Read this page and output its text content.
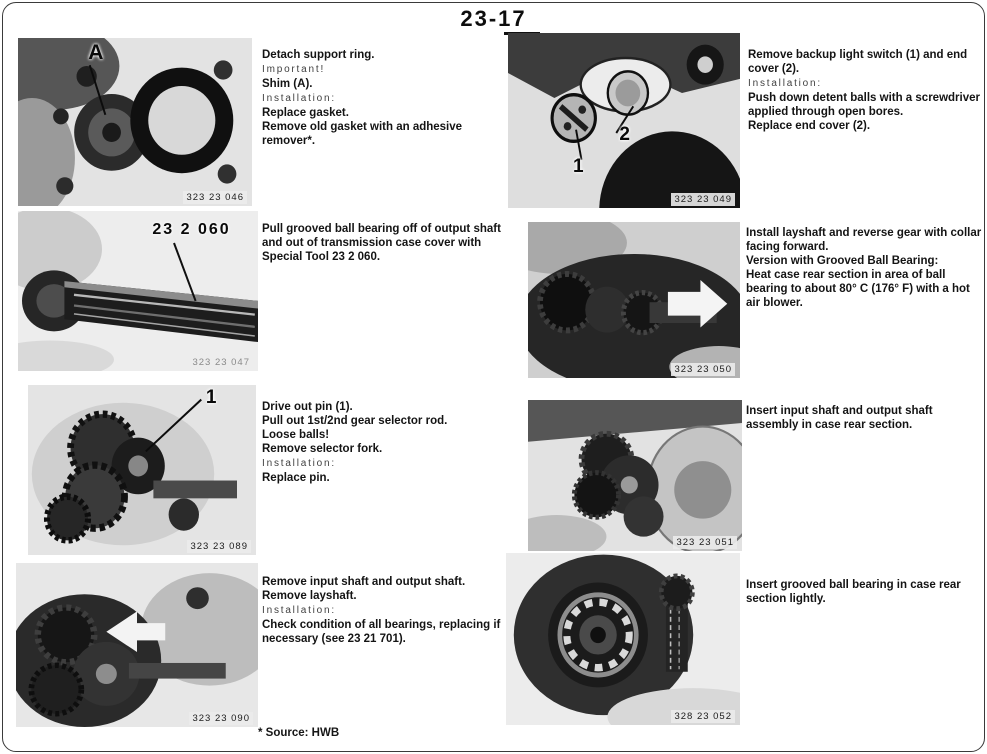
23-17
A
323 23 046
Detach support ring.
Important!
Shim (A).
Installation:
Replace gasket.
Remove old gasket with an adhesive remover*.
1
2
323 23 049
Remove backup light switch (1) and end cover (2).
Installation:
Push down detent balls with a screwdriver applied through open bores.
Replace end cover (2).
23 2 060
323 23 047
Pull grooved ball bearing off of output shaft and out of transmission case cover with Special Tool 23 2 060.
323 23 050
Install layshaft and reverse gear with collar facing forward.
Version with Grooved Ball Bearing:
Heat case rear section in area of ball bearing to about 80° C (176° F) with a hot air blower.
1
323 23 089
Drive out pin (1).
Pull out 1st/2nd gear selector rod.
Loose balls!
Remove selector fork.
Installation:
Replace pin.
323 23 051
Insert input shaft and output shaft assembly in case rear section.
323 23 090
Remove input shaft and output shaft.
Remove layshaft.
Installation:
Check condition of all bearings, replacing if necessary (see 23 21 701).
328 23 052
Insert grooved ball bearing in case rear section lightly.
* Source: HWB
